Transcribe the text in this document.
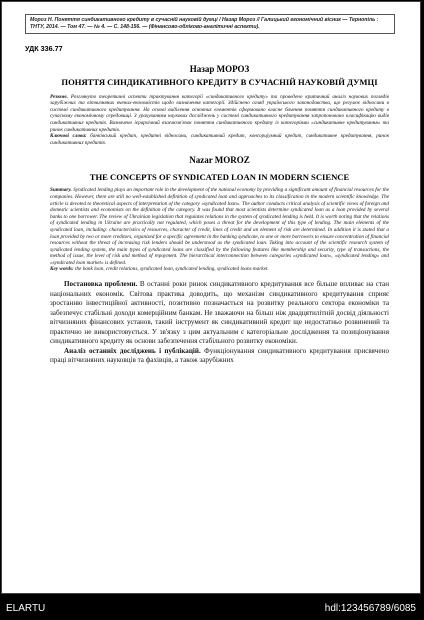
Мороз Н. Поняття синдикативного кредиту в сучасній науковій думці / Назар Мороз // Галицький економічний вісник — Тернопіль : ТНТУ, 2014. — Том 47. — № 4. — С. 148-156. — (Фінансово-обліково-аналітичні аспекти).
УДК 336.77
Назар МОРОЗ
ПОНЯТТЯ СИНДИКАТИВНОГО КРЕДИТУ В СУЧАСНІЙ НАУКОВІЙ ДУМЦІ

Резюме. Розглянуто теоретичні аспекти трактування категорії «синдикативного кредиту» та проведено критичний аналіз наукових поглядів зарубіжних та вітчизняних вчених-економістів щодо визначення категорії. Здійснено огляд українського законодавства, що регулює відносини в системі синдикативного кредитування. На основі виділення основних елементів сформовано власне бачення поняття синдикативного кредиту в сучасному економічному середовищі. З урахуванням наукових досліджень у системі синдикативного кредитування запропоновано класифікацію видів синдикативних кредитів. Визначено ієрархічний взаємозв'язок поняття синдикативного кредиту із категоріями «синдикативне кредитування» та ринок синдикативних кредитів.

Ключові слова: банківський кредит, кредитні відносини, синдикативний кредит, консорціумний кредит, синдикативне кредитування, ринок синдикативних кредитів.

Nazar MOROZ
THE CONCEPTS OF SYNDICATED LOAN IN MODERN SCIENCE

Summary. Syndicated lending plays an important role in the development of the national economy by providing a significant amount of financial resources for the companies. However, there are still no well-established definition of syndicated loan and approaches to its classification in the modern scientific knowledge. The article is devoted to theoretical aspects of interpretation of the category «syndicated loan». The author conducts critical analysis of scientific views of foreign and domestic scientists and economists on the definition of the category. It was found that most scientists determine syndicated loan as a loan provided by several banks to one borrower. The review of Ukrainian legislation that regulates relations in the system of syndicated lending is held. It is worth noting that the relations of syndicated lending in Ukraine are practically not regulated, which poses a threat for the development of this type of lending. The main elements of the syndicated loan, including: characteristics of resources, character of credit, lines of credit and an element of risk are determined. In addition it is stated that a loan provided by two or more creditors, organized for a specific agreement in the banking syndicate, to one or more borrowers to ensure concentration of financial resources without the threat of increasing risk lenders should be understood as the syndicated loan. Taking into account of the scientific research system of syndicated lending system, the main types of syndicated loans are classified by the following features like membership and security, type of transactions, the method of issue, the level of risk and method of repayment. The hierarchical interconnection between categories «syndicated loan», «syndicated lending» and «syndicated loan market» is defined.

Key words: the bank loan, credit relations, syndicated loan, syndicated lending, syndicated loans market.

Постановка проблеми. В останні роки ринок синдикативного кредитування все більше впливає на стан національних економік. Світова практика доводить, що механізм синдикативного кредитування сприяє зростанню інвестиційної активності, позитивно позначається на розвитку реального сектора економіки та забезпечує стабільні доходи комерційним банкам. Не зважаючи на більш ніж двадцятилітній досвід діяльності вітчизняних фінансових установ, такий інструмент як синдикативний кредит ще недостатньо розвинений та практично не використовується. У зв'язку з цим актуальним є категоріальне дослідження та позиціонування синдикативного кредиту як основи забезпечення стабільного розвитку економіки.

Аналіз останніх досліджень і публікацій. Функціонування синдикативного кредитування присвячено праці вітчизняних науковців та фахівців, а також зарубіжних

ELARTU	hdl:123456789/6085
